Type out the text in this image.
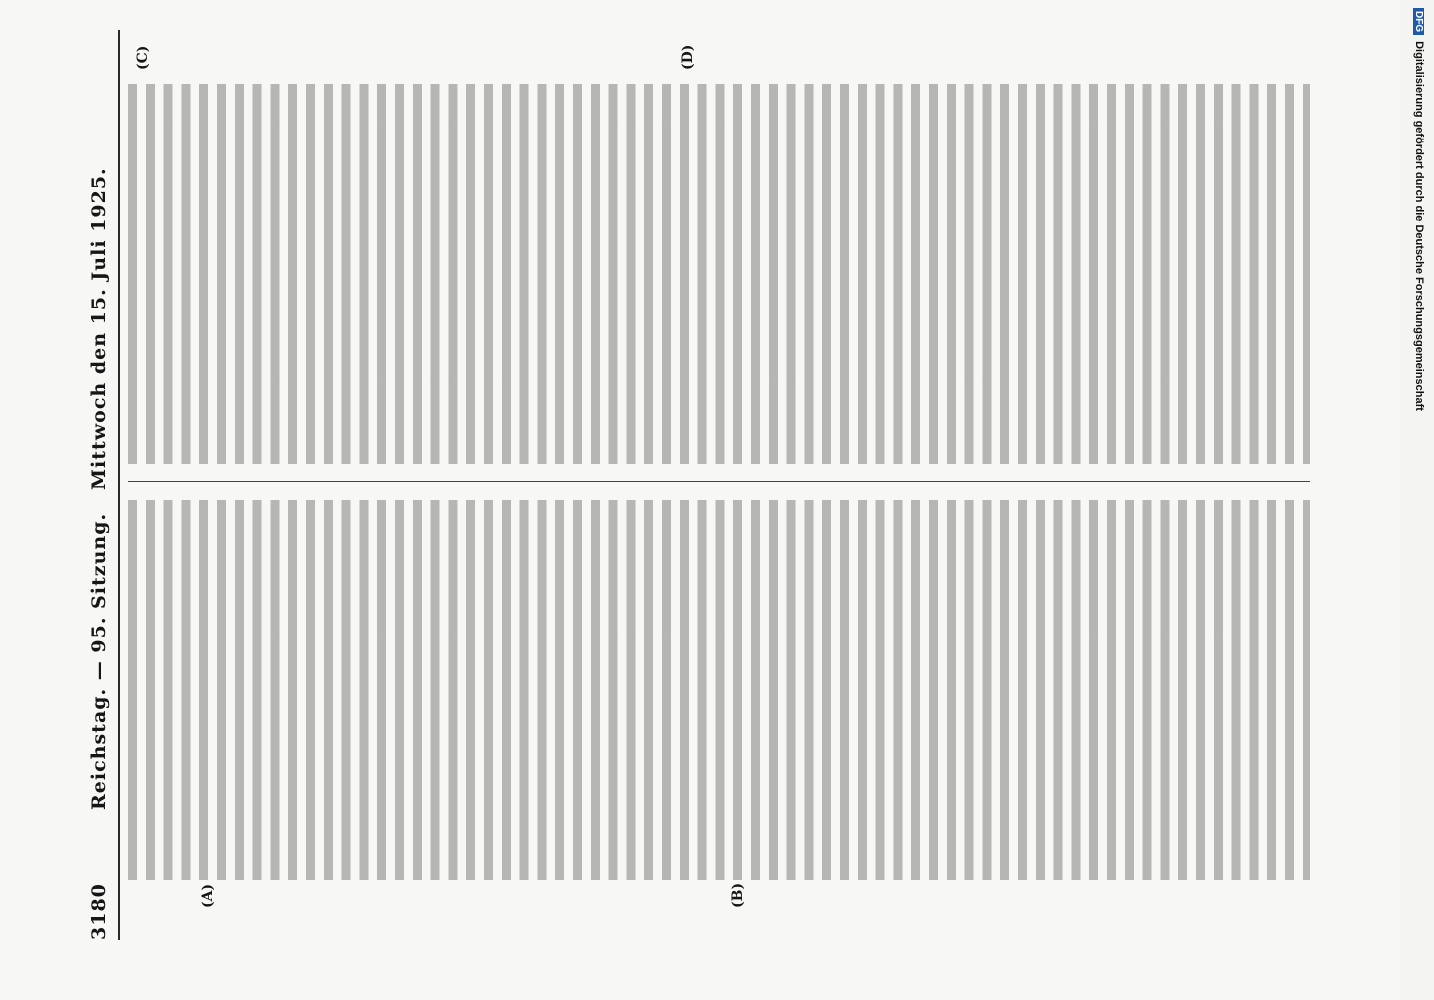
3180
Reichstag. — 95. Sitzung.
Mittwoch den 15. Juli 1925.
(A)	(B)
(C)	(D)
DFGDigitalisierung gefördert durch die Deutsche Forschungsgemeinschaft
